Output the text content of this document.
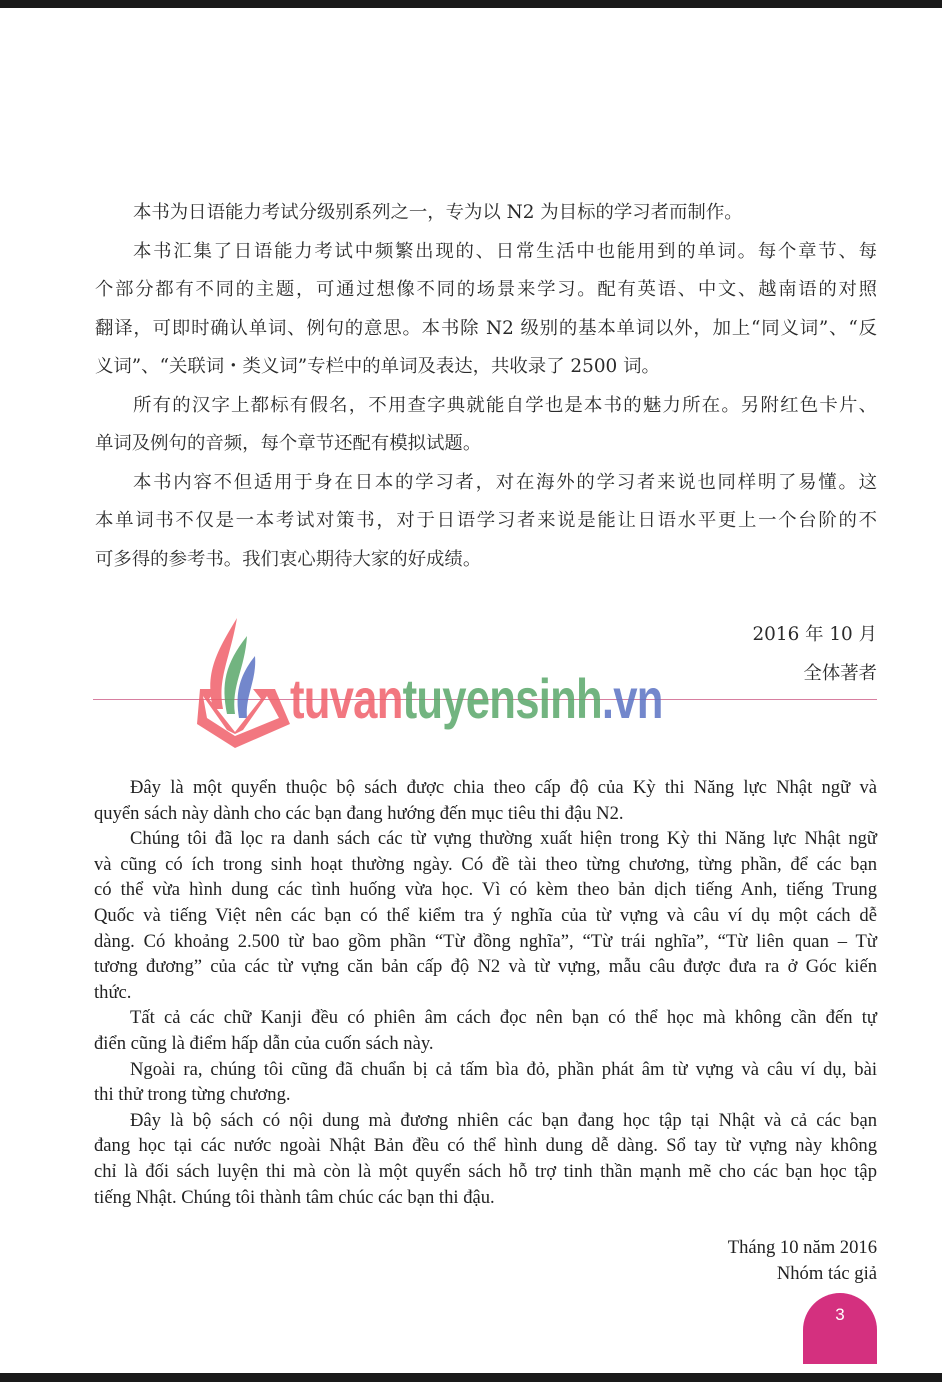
本书为日语能力考试分级别系列之一，专为以 N2 为目标的学习者而制作。
本书汇集了日语能力考试中频繁出现的、日常生活中也能用到的单词。每个章节、每
个部分都有不同的主题，可通过想像不同的场景来学习。配有英语、中文、越南语的对照
翻译，可即时确认单词、例句的意思。本书除 N2 级别的基本单词以外，加上“同义词”、“反
义词”、“关联词・类义词”专栏中的单词及表达，共收录了 2500 词。
所有的汉字上都标有假名，不用查字典就能自学也是本书的魅力所在。另附红色卡片、
单词及例句的音频，每个章节还配有模拟试题。
本书内容不但适用于身在日本的学习者，对在海外的学习者来说也同样明了易懂。这
本单词书不仅是一本考试对策书，对于日语学习者来说是能让日语水平更上一个台阶的不
可多得的参考书。我们衷心期待大家的好成绩。
2016 年 10 月
全体著者
tuvantuyensinh.vn
Đây là một quyển thuộc bộ sách được chia theo cấp độ của Kỳ thi Năng lực Nhật ngữ và
quyển sách này dành cho các bạn đang hướng đến mục tiêu thi đậu N2.
Chúng tôi đã lọc ra danh sách các từ vựng thường xuất hiện trong Kỳ thi Năng lực Nhật ngữ
và cũng có ích trong sinh hoạt thường ngày. Có đề tài theo từng chương, từng phần, để các bạn
có thể vừa hình dung các tình huống vừa học. Vì có kèm theo bản dịch tiếng Anh, tiếng Trung
Quốc và tiếng Việt nên các bạn có thể kiểm tra ý nghĩa của từ vựng và câu ví dụ một cách dễ
dàng. Có khoảng 2.500 từ bao gồm phần “Từ đồng nghĩa”, “Từ trái nghĩa”, “Từ liên quan – Từ
tương đương” của các từ vựng căn bản cấp độ N2 và từ vựng, mẫu câu được đưa ra ở Góc kiến
thức.
Tất cả các chữ Kanji đều có phiên âm cách đọc nên bạn có thể học mà không cần đến tự
điển cũng là điểm hấp dẫn của cuốn sách này.
Ngoài ra, chúng tôi cũng đã chuẩn bị cả tấm bìa đỏ, phần phát âm từ vựng và câu ví dụ, bài
thi thử trong từng chương.
Đây là bộ sách có nội dung mà đương nhiên các bạn đang học tập tại Nhật và cả các bạn
đang học tại các nước ngoài Nhật Bản đều có thể hình dung dễ dàng. Sổ tay từ vựng này không
chỉ là đối sách luyện thi mà còn là một quyển sách hỗ trợ tinh thần mạnh mẽ cho các bạn học tập
tiếng Nhật. Chúng tôi thành tâm chúc các bạn thi đậu.
Tháng 10 năm 2016
Nhóm tác giả
3
